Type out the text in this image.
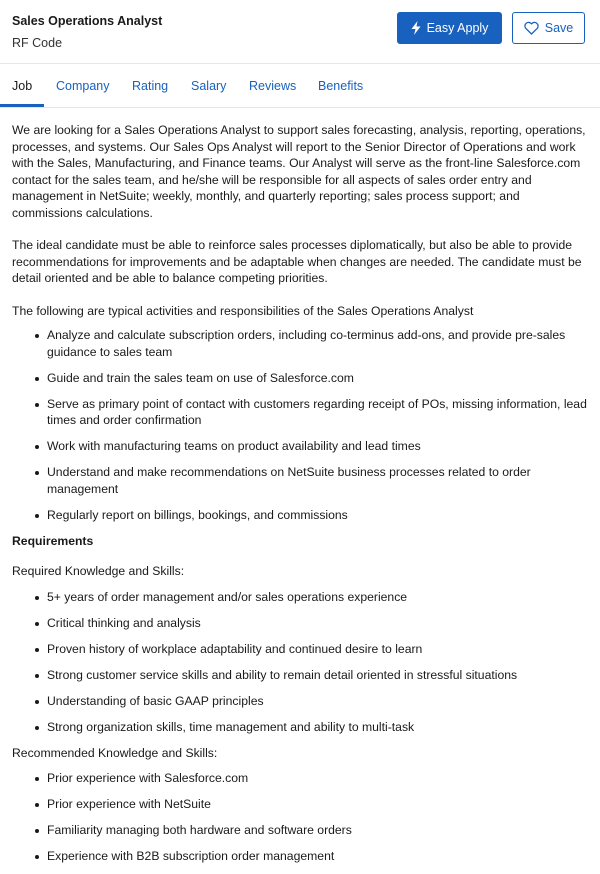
Sales Operations Analyst
RF Code
Easy Apply	Save
Job Company Rating Salary Reviews Benefits

We are looking for a Sales Operations Analyst to support sales forecasting, analysis, reporting, operations, processes, and systems. Our Sales Ops Analyst will report to the Senior Director of Operations and work with the Sales, Manufacturing, and Finance teams. Our Analyst will serve as the front-line Salesforce.com contact for the sales team, and he/she will be responsible for all aspects of sales order entry and management in NetSuite; weekly, monthly, and quarterly reporting; sales process support; and commissions calculations.

The ideal candidate must be able to reinforce sales processes diplomatically, but also be able to provide recommendations for improvements and be adaptable when changes are needed. The candidate must be detail oriented and be able to balance competing priorities.

The following are typical activities and responsibilities of the Sales Operations Analyst

Analyze and calculate subscription orders, including co-terminus add-ons, and provide pre-sales guidance to sales team
Guide and train the sales team on use of Salesforce.com
Serve as primary point of contact with customers regarding receipt of POs, missing information, lead times and order confirmation
Work with manufacturing teams on product availability and lead times
Understand and make recommendations on NetSuite business processes related to order management
Regularly report on billings, bookings, and commissions

Requirements

Required Knowledge and Skills:

5+ years of order management and/or sales operations experience
Critical thinking and analysis
Proven history of workplace adaptability and continued desire to learn
Strong customer service skills and ability to remain detail oriented in stressful situations
Understanding of basic GAAP principles
Strong organization skills, time management and ability to multi-task

Recommended Knowledge and Skills:

Prior experience with Salesforce.com
Prior experience with NetSuite
Familiarity managing both hardware and software orders
Experience with B2B subscription order management
